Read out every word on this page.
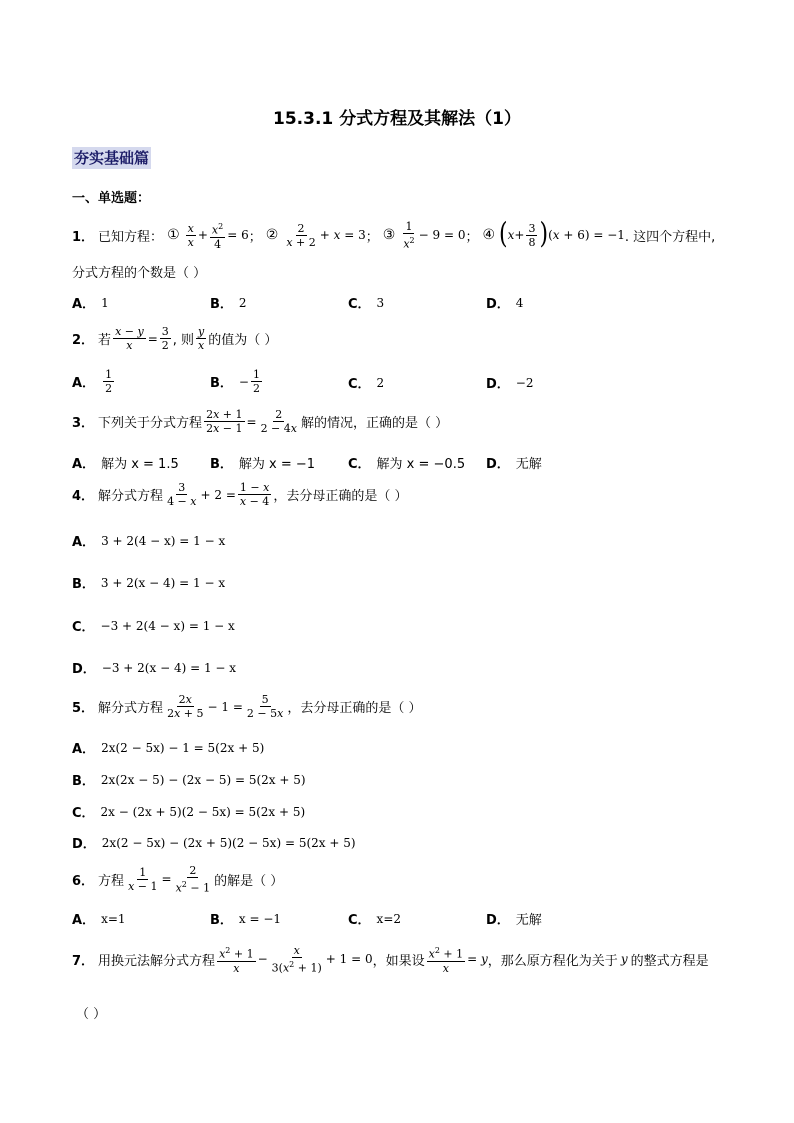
15.3.1 分式方程及其解法（1）
夯实基础篇
一、单选题：
1． 已知方程： ① $\frac{x}{x} + \frac{x^2}{4} = 6$ ； ② $\frac{2}{x + 2} + x = 3$ ； ③ $\frac{1}{x^2} - 9 = 0$ ； ④ ( $x + \frac{3}{8}$ ) (x + 6) = −1 . 这四个方程中,
分式方程的个数是（ ）
A． 1	B． 2	C． 3	D． 4
2． 若 $\frac{x - y}{x} = \frac{3}{2}$ , 则 $\frac{y}{x}$ 的值为（ ）
A． $\frac{1}{2}$	B． − $\frac{1}{2}$	C． 2	D． −2
3． 下列关于分式方程 $\frac{2x + 1}{2x - 1} = \frac{2}{2 - 4x}$ 解的情况，正确的是（ ）
A． 解为 x = 1.5 B． 解为 x = −1	C． 解为 x = −0.5 D． 无解
4． 解分式方程 $\frac{3}{4 - x} + 2 = \frac{1 - x}{x - 4}$ ，去分母正确的是（ ）
A． 3 + 2(4 − x) = 1 − x
B． 3 + 2(x − 4) = 1 − x
C． −3 + 2(4 − x) = 1 − x
D． −3 + 2(x − 4) = 1 − x
5． 解分式方程 $\frac{2x}{2x + 5} - 1 = \frac{5}{2 - 5x}$ ，去分母正确的是（ ）
A． 2x(2 − 5x) − 1 = 5(2x + 5)
B． 2x(2x − 5) − (2x − 5) = 5(2x + 5)
C． 2x − (2x + 5)(2 − 5x) = 5(2x + 5)
D． 2x(2 − 5x) − (2x + 5)(2 − 5x) = 5(2x + 5)
6． 方程 $\frac{1}{x - 1} = \frac{2}{x^2 - 1}$ 的解是（ ）
A． x=1	B． x = −1	C． x=2	D． 无解
7． 用换元法解分式方程 $\frac{x^2 + 1}{x} - \frac{x}{3(x^2 + 1)} + 1 = 0$ ，如果设 $\frac{x^2 + 1}{x} = y$ ，那么原方程化为关于 y 的整式方程是
（ ）
